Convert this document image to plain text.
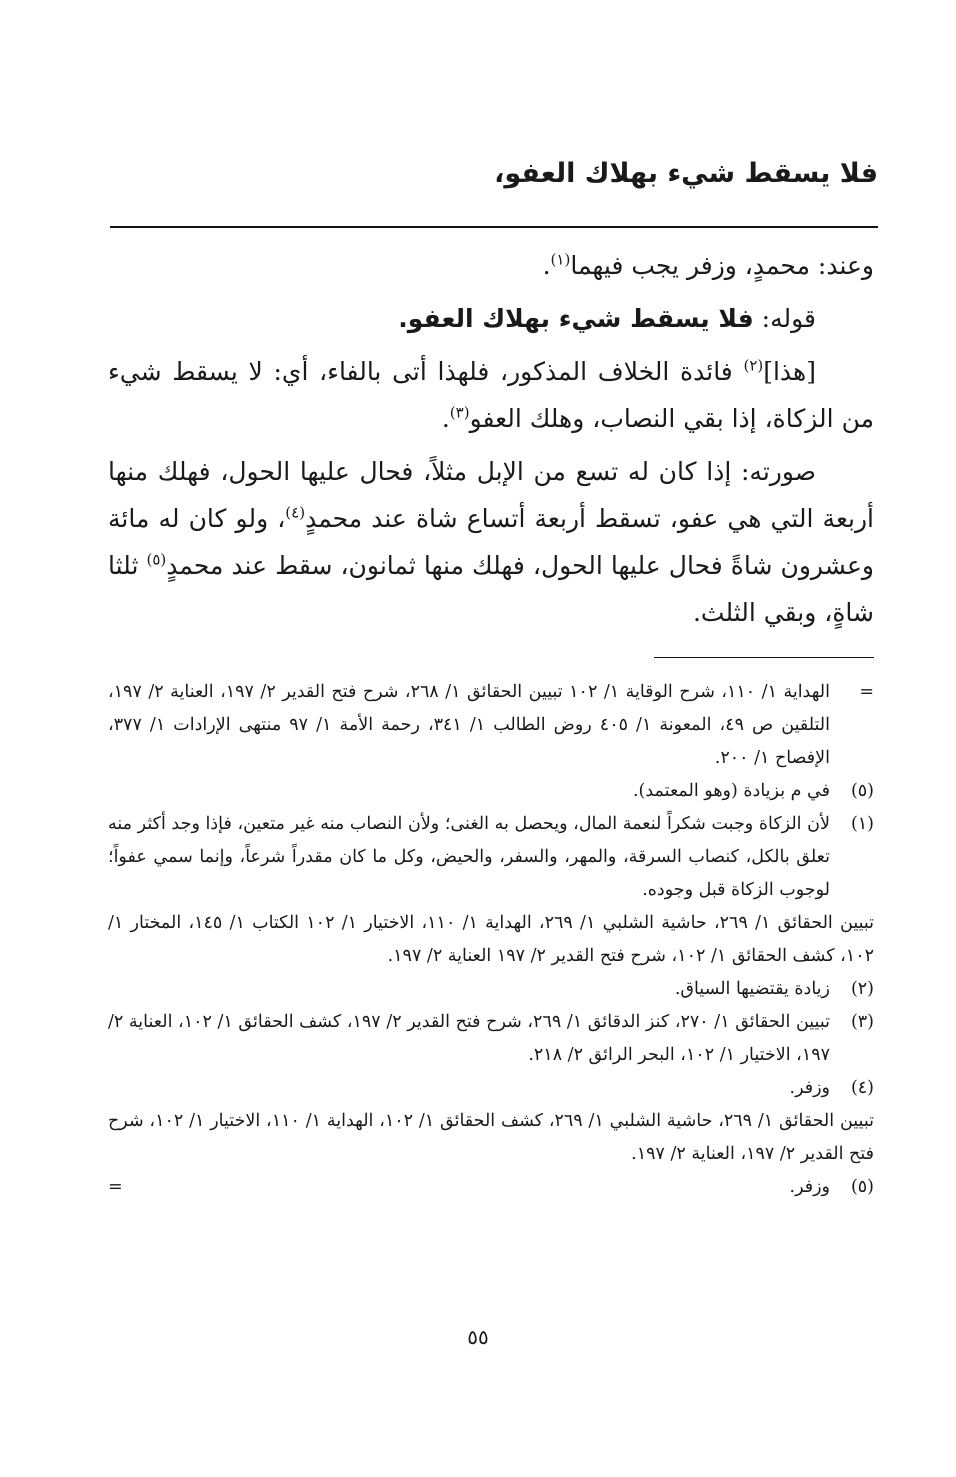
فلا يسقط شيء بهلاك العفو،

وعند: محمدٍ، وزفر يجب فيهما$^{(١)}$.

قوله: فلا يسقط شيء بهلاك العفو.

[هذا]$^{(٢)}$ فائدة الخلاف المذكور، فلهذا أتى بالفاء، أي: لا يسقط شيء من الزكاة، إذا بقي النصاب، وهلك العفو$^{(٣)}$.

صورته: إذا كان له تسع من الإبل مثلاً، فحال عليها الحول، فهلك منها أربعة التي هي عفو، تسقط أربعة أتساع شاة عند محمدٍ$^{(٤)}$، ولو كان له مائة وعشرون شاةً فحال عليها الحول، فهلك منها ثمانون، سقط عند محمدٍ$^{(٥)}$ ثلثا شاةٍ، وبقي الثلث.

=
الهداية ١/ ١١٠، شرح الوقاية ١/ ١٠٢ تبيين الحقائق ١/ ٢٦٨، شرح فتح القدير ٢/ ١٩٧، العناية ٢/ ١٩٧، التلقين ص ٤٩، المعونة ١/ ٤٠٥ روض الطالب ١/ ٣٤١، رحمة الأمة ١/ ٩٧ منتهى الإرادات ١/ ٣٧٧، الإفصاح ١/ ٢٠٠.
(٥)
في م بزيادة (وهو المعتمد).
(١)
لأن الزكاة وجبت شكراً لنعمة المال، ويحصل به الغنى؛ ولأن النصاب منه غير متعين، فإذا وجد أكثر منه تعلق بالكل، كنصاب السرقة، والمهر، والسفر، والحيض، وكل ما كان مقدراً شرعاً، وإنما سمي عفواً؛ لوجوب الزكاة قبل وجوده.
تبيين الحقائق ١/ ٢٦٩، حاشية الشلبي ١/ ٢٦٩، الهداية ١/ ١١٠، الاختيار ١/ ١٠٢ الكتاب ١/ ١٤٥، المختار ١/ ١٠٢، كشف الحقائق ١/ ١٠٢، شرح فتح القدير ٢/ ١٩٧ العناية ٢/ ١٩٧.
(٢)
زيادة يقتضيها السياق.
(٣)
تبيين الحقائق ١/ ٢٧٠، كنز الدقائق ١/ ٢٦٩، شرح فتح القدير ٢/ ١٩٧، كشف الحقائق ١/ ١٠٢، العناية ٢/ ١٩٧، الاختيار ١/ ١٠٢، البحر الرائق ٢/ ٢١٨.
(٤)
وزفر.
تبيين الحقائق ١/ ٢٦٩، حاشية الشلبي ١/ ٢٦٩، كشف الحقائق ١/ ١٠٢، الهداية ١/ ١١٠، الاختيار ١/ ١٠٢، شرح فتح القدير ٢/ ١٩٧، العناية ٢/ ١٩٧.
(٥)
وزفر.
=
٥٥
